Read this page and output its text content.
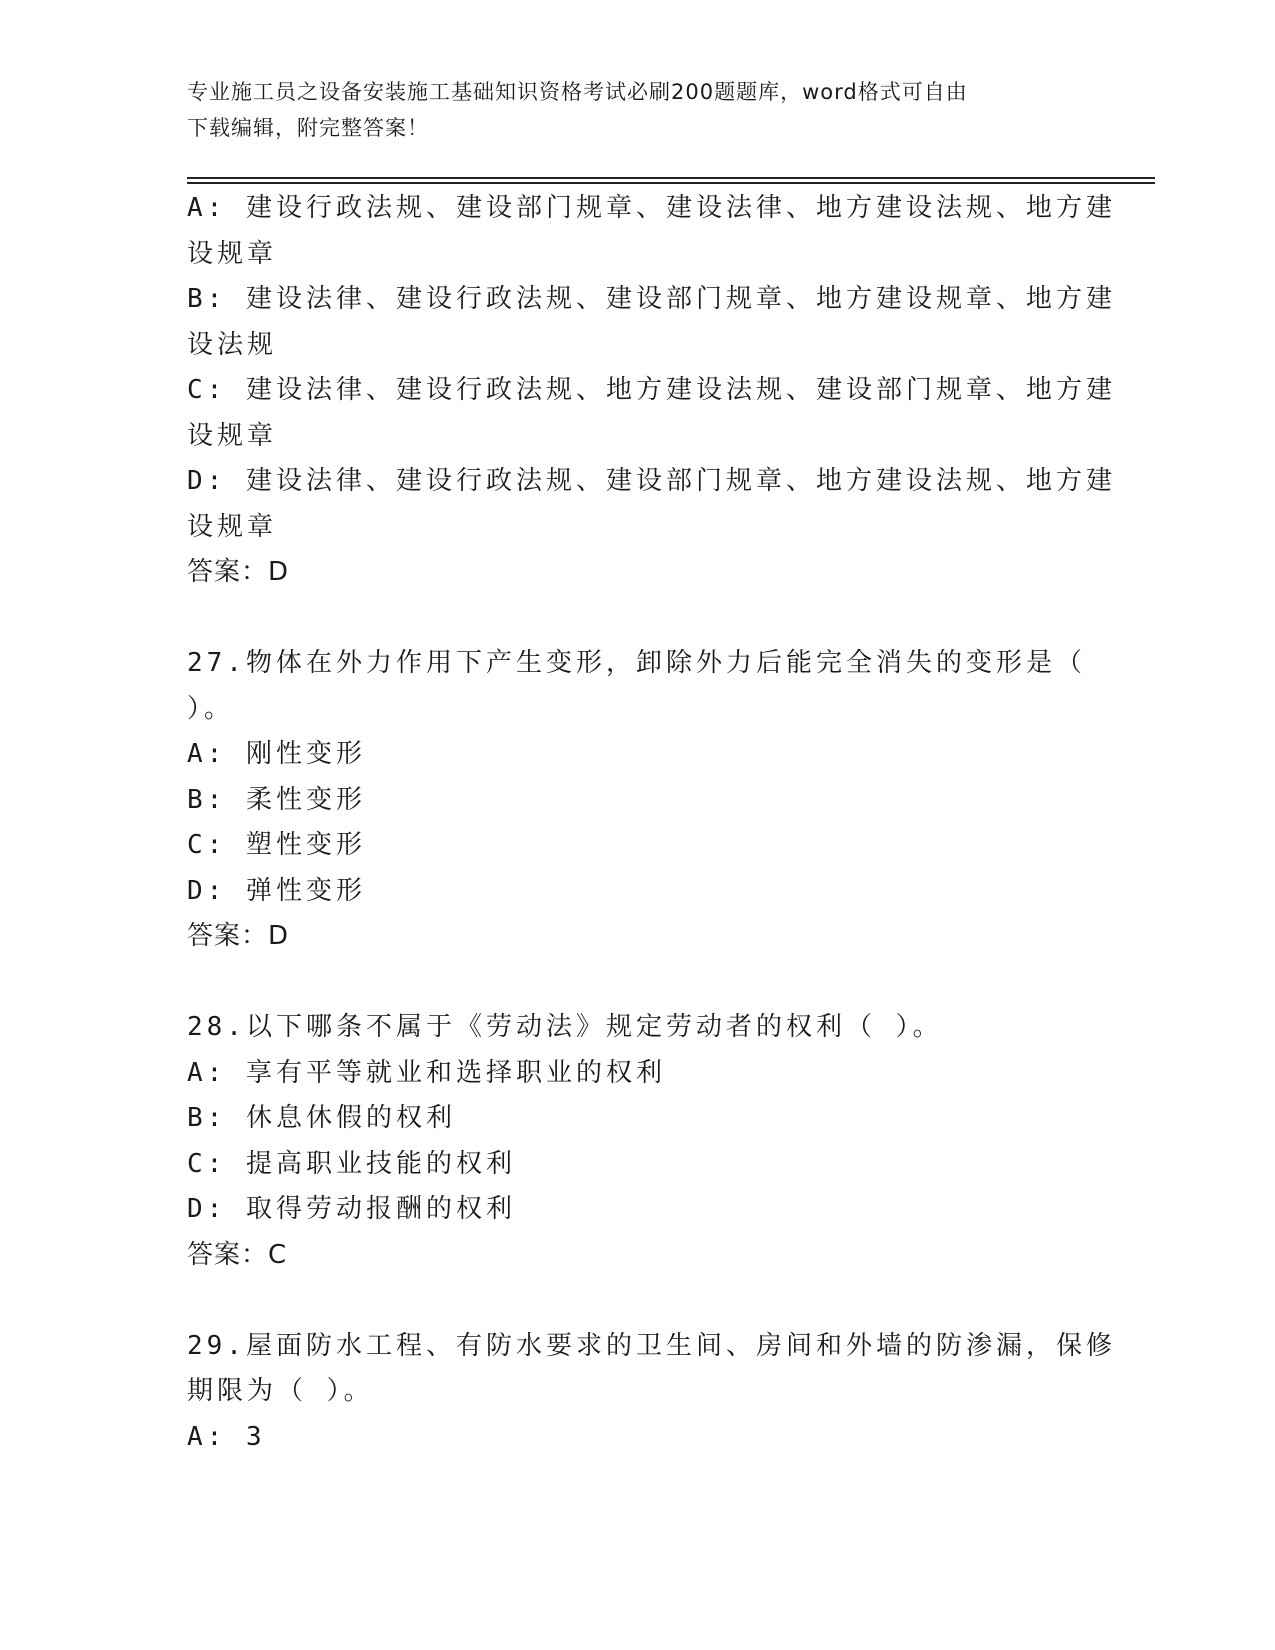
专业施工员之设备安装施工基础知识资格考试必刷200题题库，word格式可自由
下载编辑，附完整答案！
A: 建设行政法规、建设部门规章、建设法律、地方建设法规、地方建
设规章
B: 建设法律、建设行政法规、建设部门规章、地方建设规章、地方建
设法规
C: 建设法律、建设行政法规、地方建设法规、建设部门规章、地方建
设规章
D: 建设法律、建设行政法规、建设部门规章、地方建设法规、地方建
设规章
答案：D
27.物体在外力作用下产生变形，卸除外力后能完全消失的变形是（
）。
A: 刚性变形
B: 柔性变形
C: 塑性变形
D: 弹性变形
答案：D
28.以下哪条不属于《劳动法》规定劳动者的权利（ ）。
A: 享有平等就业和选择职业的权利
B: 休息休假的权利
C: 提高职业技能的权利
D: 取得劳动报酬的权利
答案：C
29.屋面防水工程、有防水要求的卫生间、房间和外墙的防渗漏，保修
期限为（ ）。
A: 3
